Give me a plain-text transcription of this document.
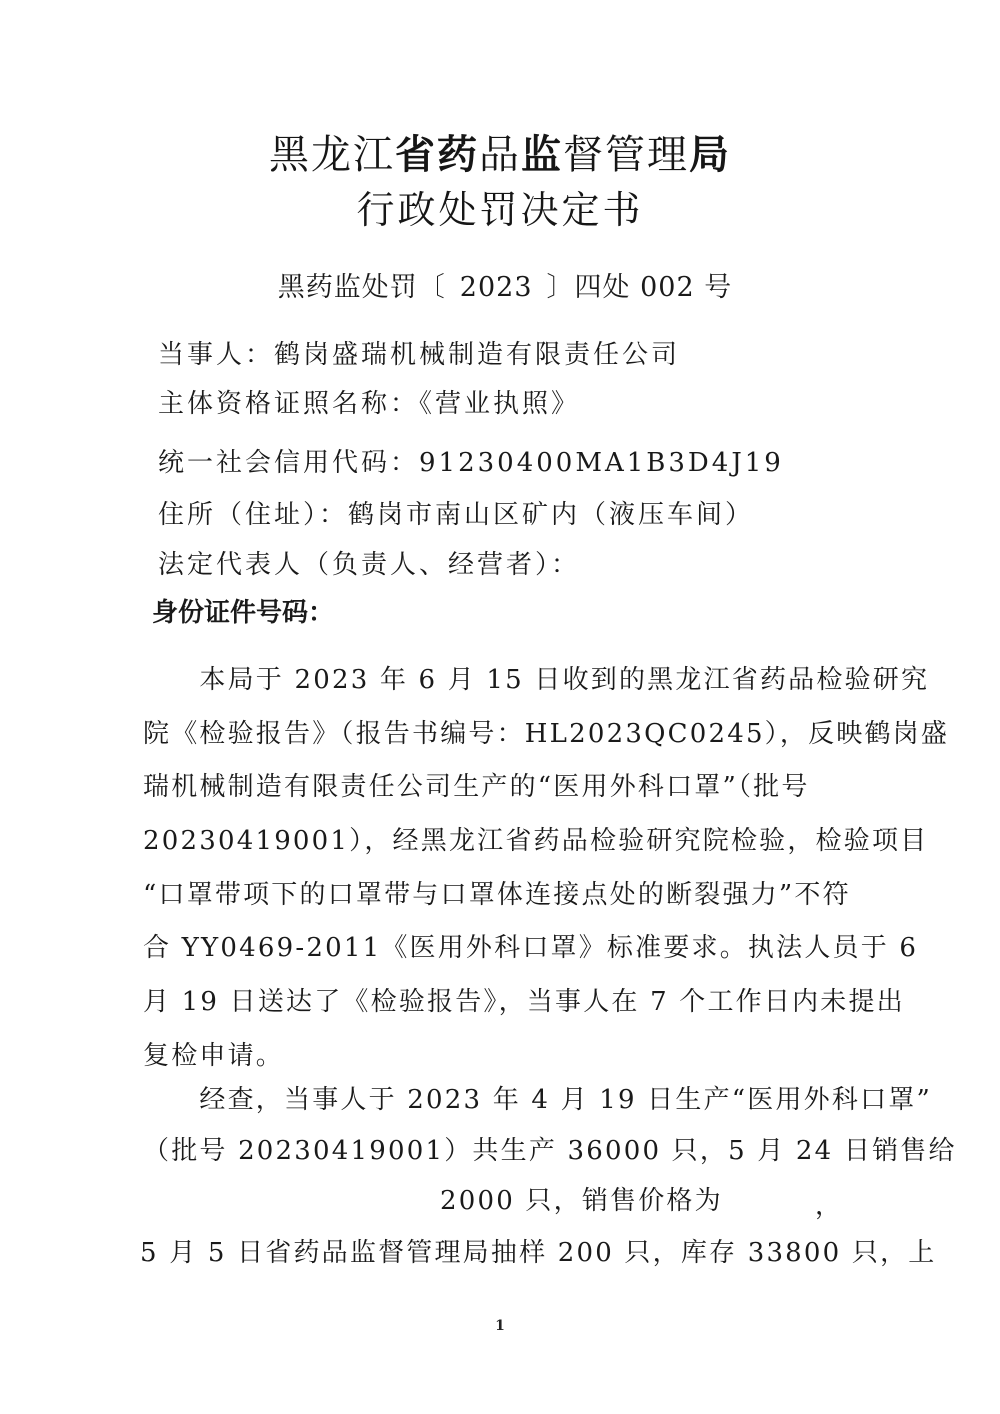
黑龙江省药品监督管理局
行政处罚决定书
黑药监处罚〔 2023 〕四处 002 号
当事人：鹤岗盛瑞机械制造有限责任公司
主体资格证照名称：《营业执照》
统一社会信用代码：91230400MA1B3D4J19
住所（住址）：鹤岗市南山区矿内（液压车间）
法定代表人（负责人、经营者）：
身份证件号码：
　　本局于 2023 年 6 月 15 日收到的黑龙江省药品检验研究
院《检验报告》（报告书编号：HL2023QC0245），反映鹤岗盛
瑞机械制造有限责任公司生产的“医用外科口罩”（批号
20230419001），经黑龙江省药品检验研究院检验，检验项目
“口罩带项下的口罩带与口罩体连接点处的断裂强力”不符
合 YY0469-2011《医用外科口罩》标准要求。执法人员于 6
月 19 日送达了《检验报告》，当事人在 7 个工作日内未提出
复检申请。
　　经查，当事人于 2023 年 4 月 19 日生产“医用外科口罩”
（批号 20230419001）共生产 36000 只，5 月 24 日销售给
2000 只，销售价格为	，
5 月 5 日省药品监督管理局抽样 200 只，库存 33800 只，上
1
